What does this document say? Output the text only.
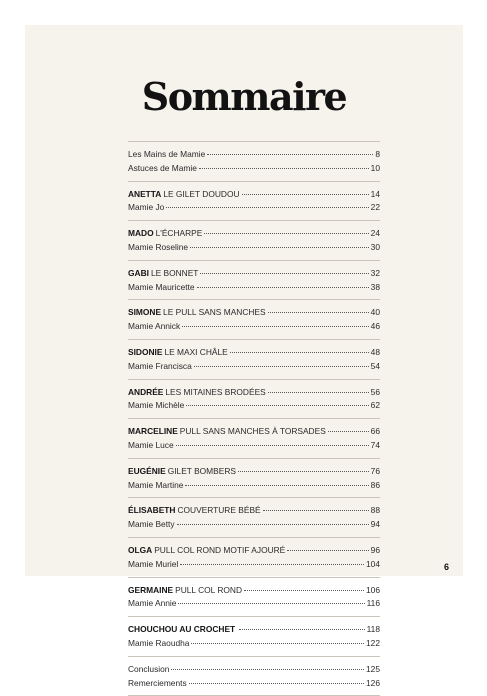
Sommaire
Les Mains de Mamie	8
Astuces de Mamie	10
ANETTA LE GILET DOUDOU	14
Mamie Jo	22
MADO L'ÉCHARPE	24
Mamie Roseline	30
GABI LE BONNET	32
Mamie Mauricette	38
SIMONE LE PULL SANS MANCHES	40
Mamie Annick	46
SIDONIE LE MAXI CHÂLE	48
Mamie Francisca	54
ANDRÉE LES MITAINES BRODÉES	56
Mamie Michèle	62
MARCELINE PULL SANS MANCHES À TORSADES	66
Mamie Luce	74
EUGÉNIE GILET BOMBERS	76
Mamie Martine	86
ÉLISABETH COUVERTURE BÉBÉ	88
Mamie Betty	94
OLGA PULL COL ROND MOTIF AJOURÉ	96
Mamie Muriel	104
GERMAINE PULL COL ROND	106
Mamie Annie	116
CHOUCHOU AU CROCHET	118
Mamie Raoudha	122
Conclusion	125
Remerciements	126
6
